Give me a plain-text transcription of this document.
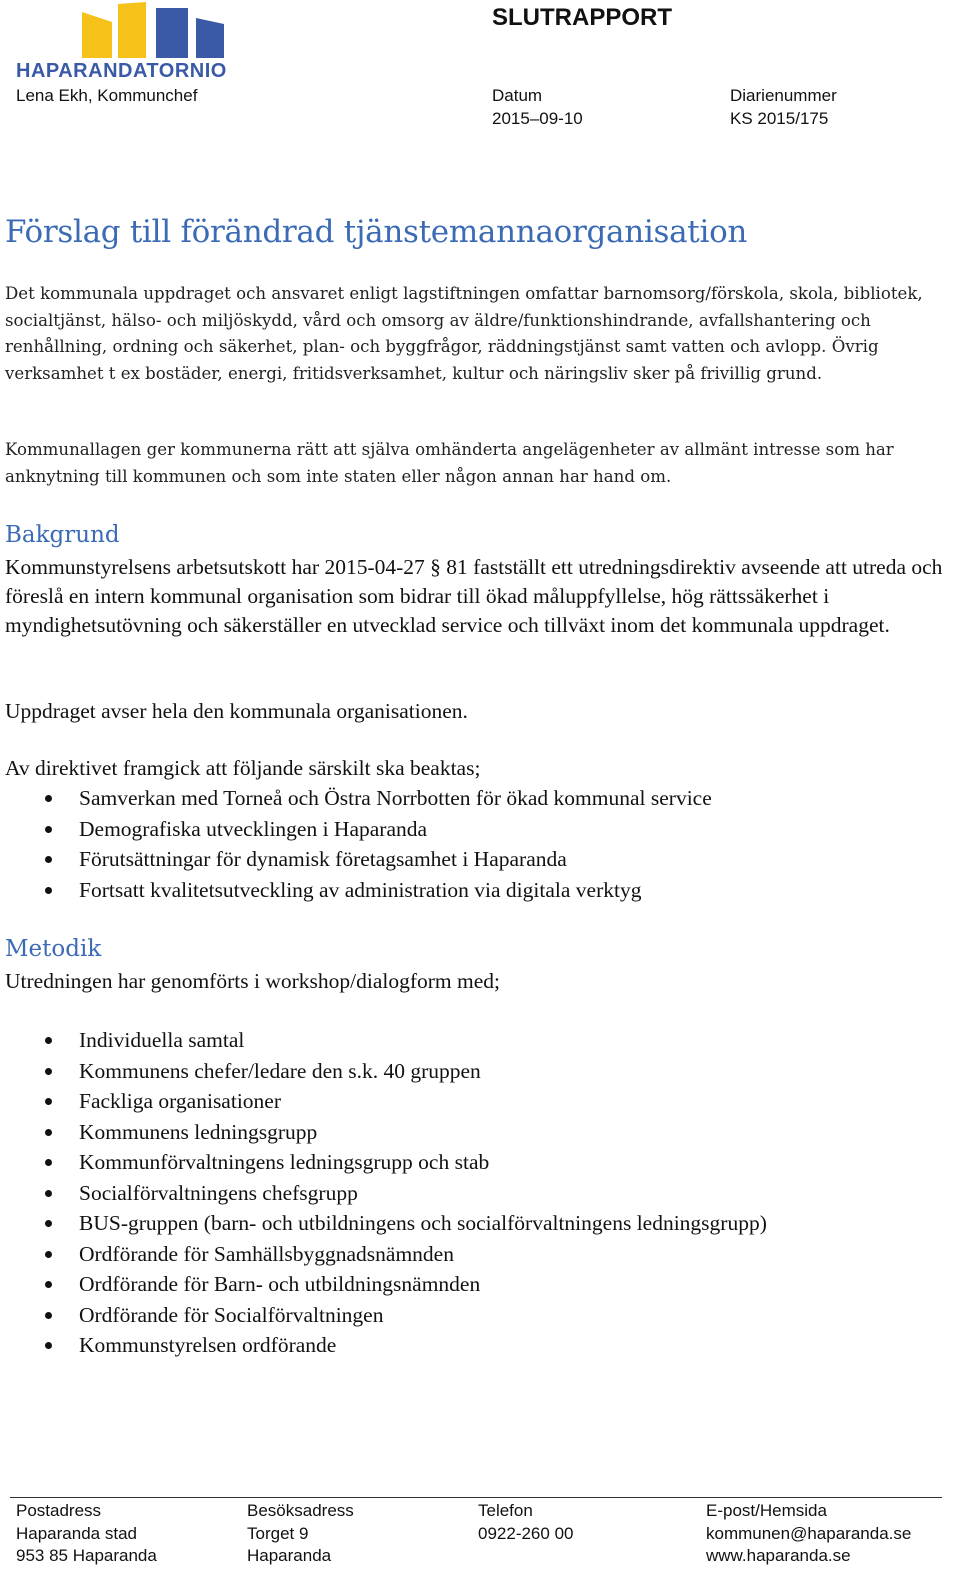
HAPARANDATORNIO
SLUTRAPPORT
Lena Ekh, Kommunchef	Datum
2015–09-10
Diarienummer
KS 2015/175
Förslag till förändrad tjänstemannaorganisation

Det kommunala uppdraget och ansvaret enligt lagstiftningen omfattar barnomsorg/förskola, skola, bibliotek, socialtjänst, hälso- och miljöskydd, vård och omsorg av äldre/funktionshindrande, avfallshantering och renhållning, ordning och säkerhet, plan- och byggfrågor, räddningstjänst samt vatten och avlopp. Övrig verksamhet t ex bostäder, energi, fritidsverksamhet, kultur och näringsliv sker på frivillig grund.

Kommunallagen ger kommunerna rätt att själva omhänderta angelägenheter av allmänt intresse som har anknytning till kommunen och som inte staten eller någon annan har hand om.

Bakgrund

Kommunstyrelsens arbetsutskott har 2015-04-27 § 81 fastställt ett utredningsdirektiv avseende att utreda och föreslå en intern kommunal organisation som bidrar till ökad måluppfyllelse, hög rättssäkerhet i myndighetsutövning och säkerställer en utvecklad service och tillväxt inom det kommunala uppdraget.

Uppdraget avser hela den kommunala organisationen.

Av direktivet framgick att följande särskilt ska beaktas;

Samverkan med Torneå och Östra Norrbotten för ökad kommunal service
Demografiska utvecklingen i Haparanda
Förutsättningar för dynamisk företagsamhet i Haparanda
Fortsatt kvalitetsutveckling av administration via digitala verktyg
Metodik

Utredningen har genomförts i workshop/dialogform med;

Individuella samtal
Kommunens chefer/ledare den s.k. 40 gruppen
Fackliga organisationer
Kommunens ledningsgrupp
Kommunförvaltningens ledningsgrupp och stab
Socialförvaltningens chefsgrupp
BUS-gruppen (barn- och utbildningens och socialförvaltningens ledningsgrupp)
Ordförande för Samhällsbyggnadsnämnden
Ordförande för Barn- och utbildningsnämnden
Ordförande för Socialförvaltningen
Kommunstyrelsen ordförande
Postadress
Haparanda stad
953 85 Haparanda
Besöksadress
Torget 9
Haparanda
Telefon
0922-260 00
E-post/Hemsida
kommunen@haparanda.se
www.haparanda.se
